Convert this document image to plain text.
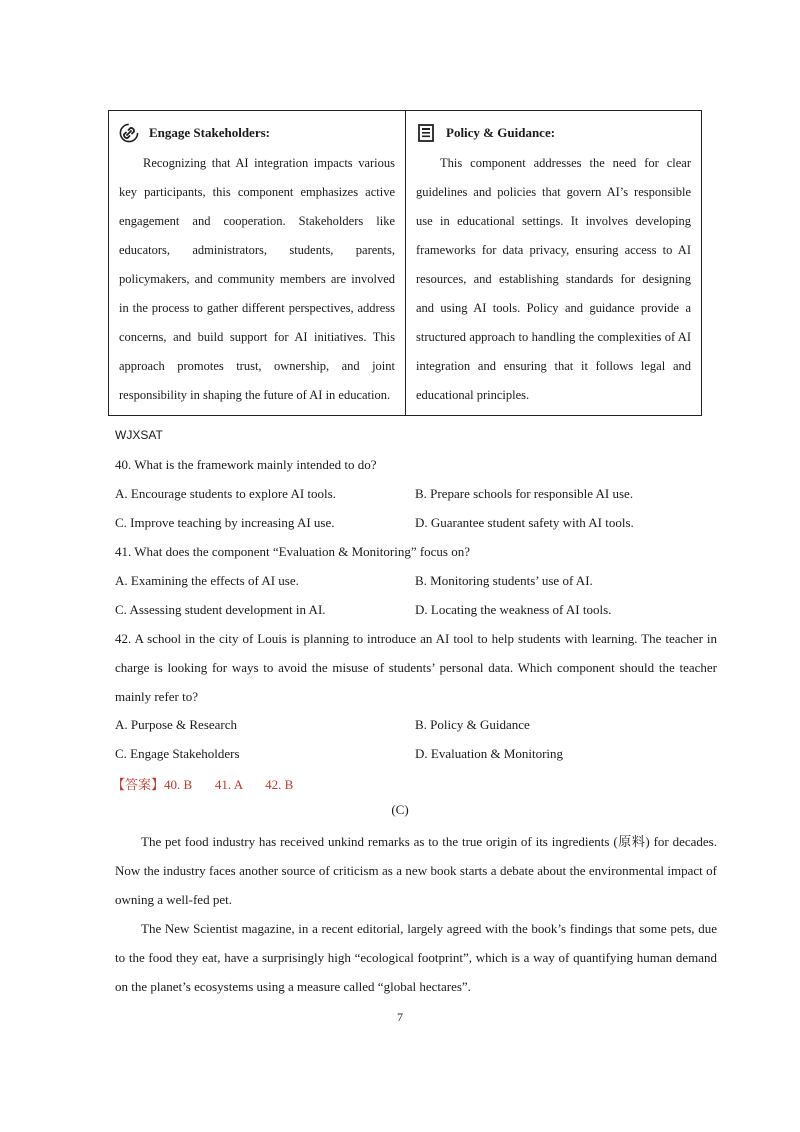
Engage Stakeholders:
Recognizing that AI integration impacts various key participants, this component emphasizes active engagement and cooperation. Stakeholders like educators, administrators, students, parents, policymakers, and community members are involved in the process to gather different perspectives, address concerns, and build support for AI initiatives. This approach promotes trust, ownership, and joint responsibility in shaping the future of AI in education.
Policy & Guidance:
This component addresses the need for clear guidelines and policies that govern AI’s responsible use in educational settings. It involves developing frameworks for data privacy, ensuring access to AI resources, and establishing standards for designing and using AI tools. Policy and guidance provide a structured approach to handling the complexities of AI integration and ensuring that it follows legal and educational principles.
WJXSAT
40. What is the framework mainly intended to do?
A. Encourage students to explore AI tools.	B. Prepare schools for responsible AI use.
C. Improve teaching by increasing AI use.	D. Guarantee student safety with AI tools.
41. What does the component “Evaluation & Monitoring” focus on?
A. Examining the effects of AI use.	B. Monitoring students’ use of AI.
C. Assessing student development in AI.	D. Locating the weakness of AI tools.
42. A school in the city of Louis is planning to introduce an AI tool to help students with learning. The teacher in charge is looking for ways to avoid the misuse of students’ personal data. Which component should the teacher mainly refer to?
A. Purpose & Research	B. Policy & Guidance
C. Engage Stakeholders	D. Evaluation & Monitoring
【答案】40. B       41. A       42. B
(C)
The pet food industry has received unkind remarks as to the true origin of its ingredients (原料) for decades. Now the industry faces another source of criticism as a new book starts a debate about the environmental impact of owning a well-fed pet.
The New Scientist magazine, in a recent editorial, largely agreed with the book’s findings that some pets, due to the food they eat, have a surprisingly high “ecological footprint”, which is a way of quantifying human demand on the planet’s ecosystems using a measure called “global hectares”.
7
